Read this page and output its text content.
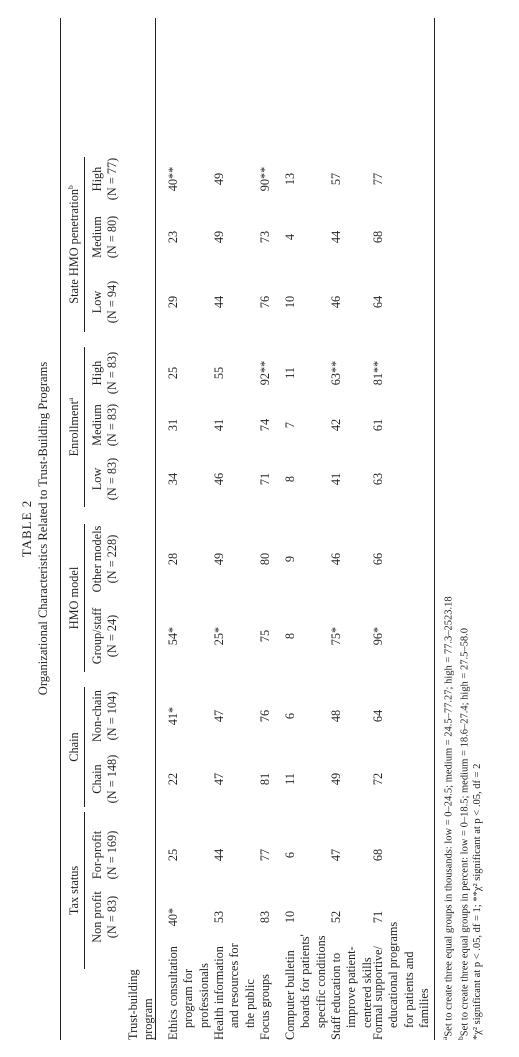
TABLE 2 Organizational Characteristics Related to Trust-Building Programs
Trust-building program
Tax status
Chain
HMO model
Enrollment$^a$
State HMO penetration$^b$
Non profit (N = 83)
For-profit (N = 169)
Chain (N = 148)
Non-chain (N = 104)
Group/staff (N = 24)
Other models (N = 228)
Low (N = 83)
Medium (N = 83)
High (N = 83)
Low (N = 94)
Medium (N = 80)
High (N = 77)
Ethics consultation program for professionals
40*
25
22
41*
54*
28
34
31
25
29
23
40**
Health information and resources for the public
53
44
47
47
25*
49
46
41
55
44
49
49
Focus groups
83
77
81
76
75
80
71
74
92**
76
73
90**
Computer bulletin boards for patients' specific conditions
10
6
11
6
8
9
8
7
11
10
4
13
Staff education to improve patient- centered skills
52
47
49
48
75*
46
41
42
63**
46
44
57
Formal supportive/ educational programs for patients and families
71
68
72
64
96*
66
63
61
81**
64
68
77
$^a$Set to create three equal groups in thousands: low = 0–24.5; medium = 24.5–77.27; high = 77.3–2523.18
$^b$Set to create three equal groups in percent: low = 0–18.5; medium = 18.6–27.4; high = 27.5–58.0 *χ² significant at p < .05, df = 1; **χ² significant at p < .05, df = 2
